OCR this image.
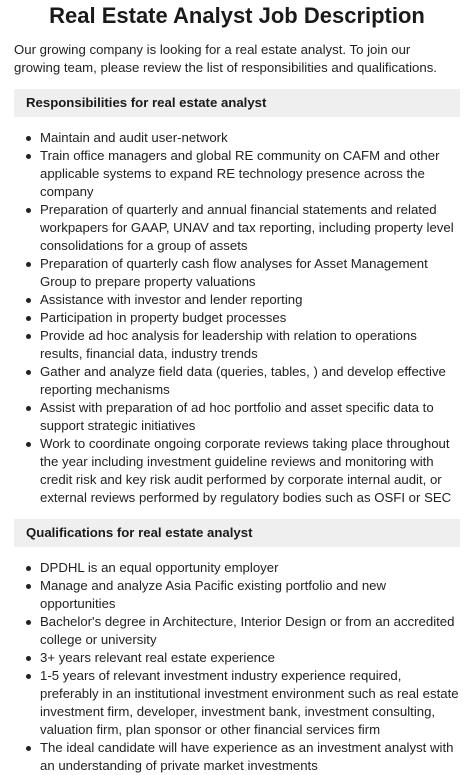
Real Estate Analyst Job Description

Our growing company is looking for a real estate analyst. To join our growing team, please review the list of responsibilities and qualifications.

Responsibilities for real estate analyst
Maintain and audit user-network
Train office managers and global RE community on CAFM and other applicable systems to expand RE technology presence across the company
Preparation of quarterly and annual financial statements and related workpapers for GAAP, UNAV and tax reporting, including property level consolidations for a group of assets
Preparation of quarterly cash flow analyses for Asset Management Group to prepare property valuations
Assistance with investor and lender reporting
Participation in property budget processes
Provide ad hoc analysis for leadership with relation to operations results, financial data, industry trends
Gather and analyze field data (queries, tables, ) and develop effective reporting mechanisms
Assist with preparation of ad hoc portfolio and asset specific data to support strategic initiatives
Work to coordinate ongoing corporate reviews taking place throughout the year including investment guideline reviews and monitoring with credit risk and key risk audit performed by corporate internal audit, or external reviews performed by regulatory bodies such as OSFI or SEC
Qualifications for real estate analyst
DPDHL is an equal opportunity employer
Manage and analyze Asia Pacific existing portfolio and new opportunities
Bachelor's degree in Architecture, Interior Design or from an accredited college or university
3+ years relevant real estate experience
1-5 years of relevant investment industry experience required, preferably in an institutional investment environment such as real estate investment firm, developer, investment bank, investment consulting, valuation firm, plan sponsor or other financial services firm
The ideal candidate will have experience as an investment analyst with an understanding of private market investments
